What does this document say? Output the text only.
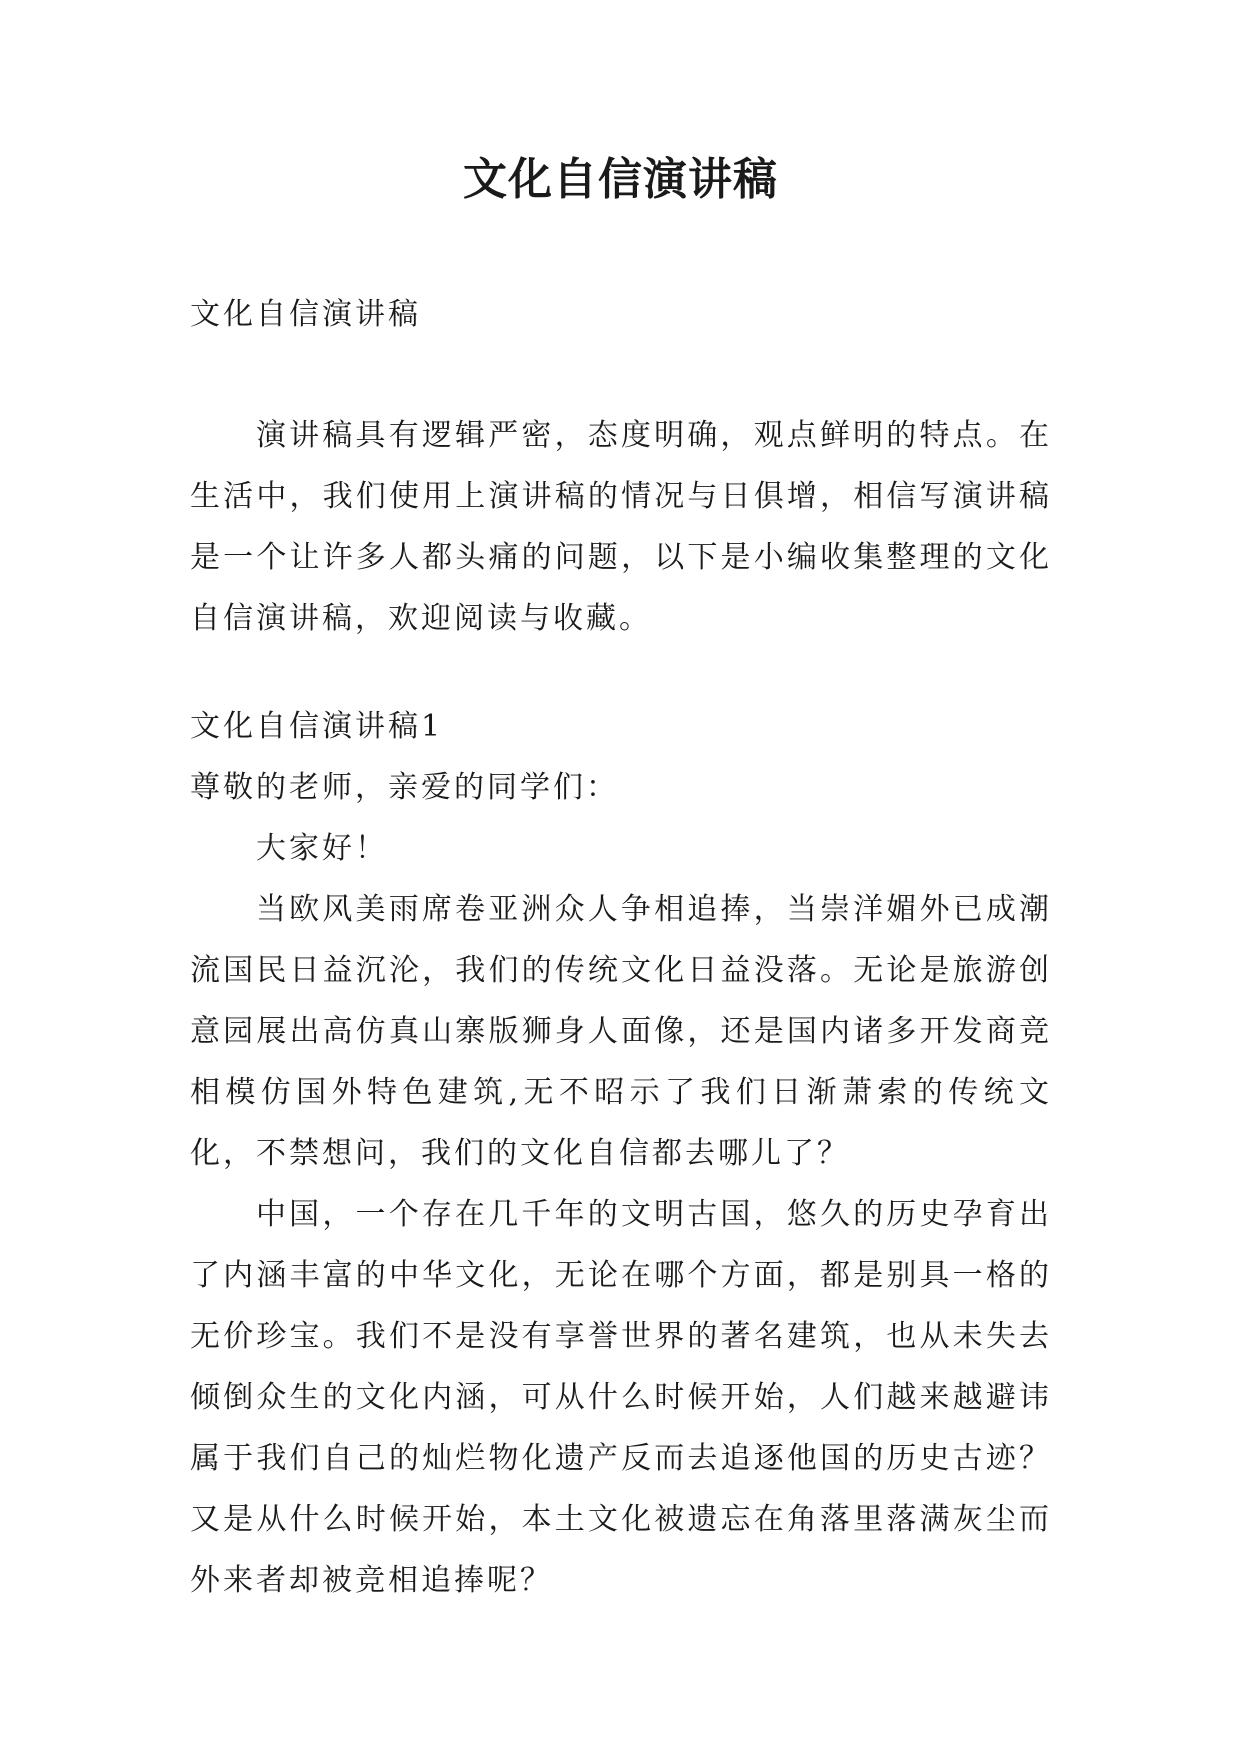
文化自信演讲稿

文化自信演讲稿

演讲稿具有逻辑严密，态度明确，观点鲜明的特点。在生活中，我们使用上演讲稿的情况与日俱增，相信写演讲稿是一个让许多人都头痛的问题，以下是小编收集整理的文化自信演讲稿，欢迎阅读与收藏。

文化自信演讲稿1

尊敬的老师，亲爱的同学们：

大家好！

当欧风美雨席卷亚洲众人争相追捧，当崇洋媚外已成潮流国民日益沉沦，我们的传统文化日益没落。无论是旅游创意园展出高仿真山寨版狮身人面像，还是国内诸多开发商竞相模仿国外特色建筑,无不昭示了我们日渐萧索的传统文化，不禁想问，我们的文化自信都去哪儿了？

中国，一个存在几千年的文明古国，悠久的历史孕育出了内涵丰富的中华文化，无论在哪个方面，都是别具一格的无价珍宝。我们不是没有享誉世界的著名建筑，也从未失去倾倒众生的文化内涵，可从什么时候开始，人们越来越避讳属于我们自己的灿烂物化遗产反而去追逐他国的历史古迹？又是从什么时候开始，本土文化被遗忘在角落里落满灰尘而外来者却被竞相追捧呢？
